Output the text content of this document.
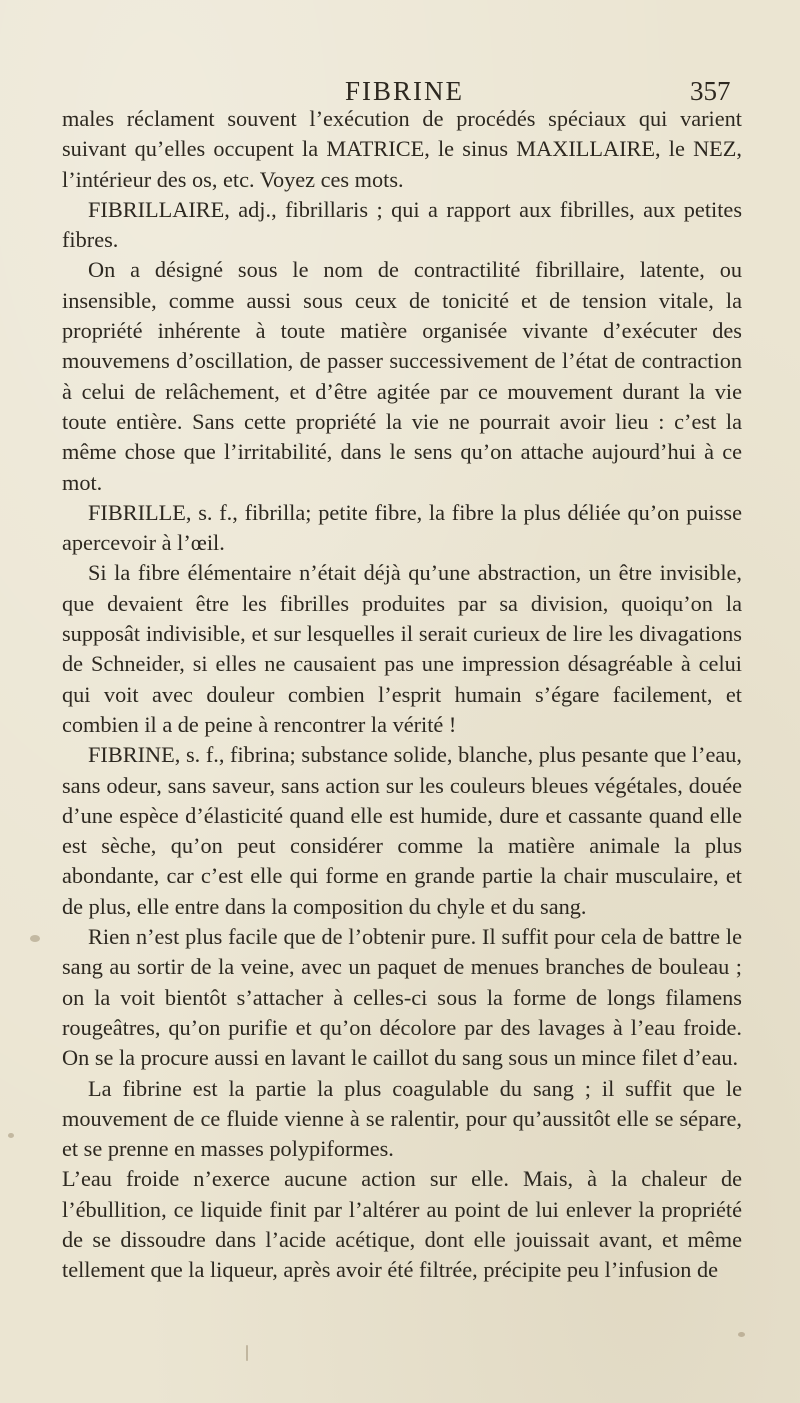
FIBRINE	357

males réclament souvent l’exécution de procédés spéciaux qui varient suivant qu’elles occupent la MATRICE, le sinus MAXILLAIRE, le NEZ, l’intérieur des os, etc. Voyez ces mots.

FIBRILLAIRE, adj., fibrillaris ; qui a rapport aux fibrilles, aux petites fibres.

On a désigné sous le nom de contractilité fibrillaire, latente, ou insensible, comme aussi sous ceux de tonicité et de tension vitale, la propriété inhérente à toute matière organisée vivante d’exécuter des mouvemens d’oscillation, de passer successivement de l’état de contraction à celui de relâchement, et d’être agitée par ce mouvement durant la vie toute entière. Sans cette propriété la vie ne pourrait avoir lieu : c’est la même chose que l’irritabilité, dans le sens qu’on attache aujourd’hui à ce mot.

FIBRILLE, s. f., fibrilla; petite fibre, la fibre la plus déliée qu’on puisse apercevoir à l’œil.

Si la fibre élémentaire n’était déjà qu’une abstraction, un être invisible, que devaient être les fibrilles produites par sa division, quoiqu’on la supposât indivisible, et sur lesquelles il serait curieux de lire les divagations de Schneider, si elles ne causaient pas une impression désagréable à celui qui voit avec douleur combien l’esprit humain s’égare facilement, et combien il a de peine à rencontrer la vérité !

FIBRINE, s. f., fibrina; substance solide, blanche, plus pesante que l’eau, sans odeur, sans saveur, sans action sur les couleurs bleues végétales, douée d’une espèce d’élasticité quand elle est humide, dure et cassante quand elle est sèche, qu’on peut considérer comme la matière animale la plus abondante, car c’est elle qui forme en grande partie la chair musculaire, et de plus, elle entre dans la composition du chyle et du sang.

Rien n’est plus facile que de l’obtenir pure. Il suffit pour cela de battre le sang au sortir de la veine, avec un paquet de menues branches de bouleau ; on la voit bientôt s’attacher à celles-ci sous la forme de longs filamens rougeâtres, qu’on purifie et qu’on décolore par des lavages à l’eau froide. On se la procure aussi en lavant le caillot du sang sous un mince filet d’eau.

La fibrine est la partie la plus coagulable du sang ; il suffit que le mouvement de ce fluide vienne à se ralentir, pour qu’aussitôt elle se sépare, et se prenne en masses polypiformes.

L’eau froide n’exerce aucune action sur elle. Mais, à la chaleur de l’ébullition, ce liquide finit par l’altérer au point de lui enlever la propriété de se dissoudre dans l’acide acétique, dont elle jouissait avant, et même tellement que la liqueur, après avoir été filtrée, précipite peu l’infusion de
